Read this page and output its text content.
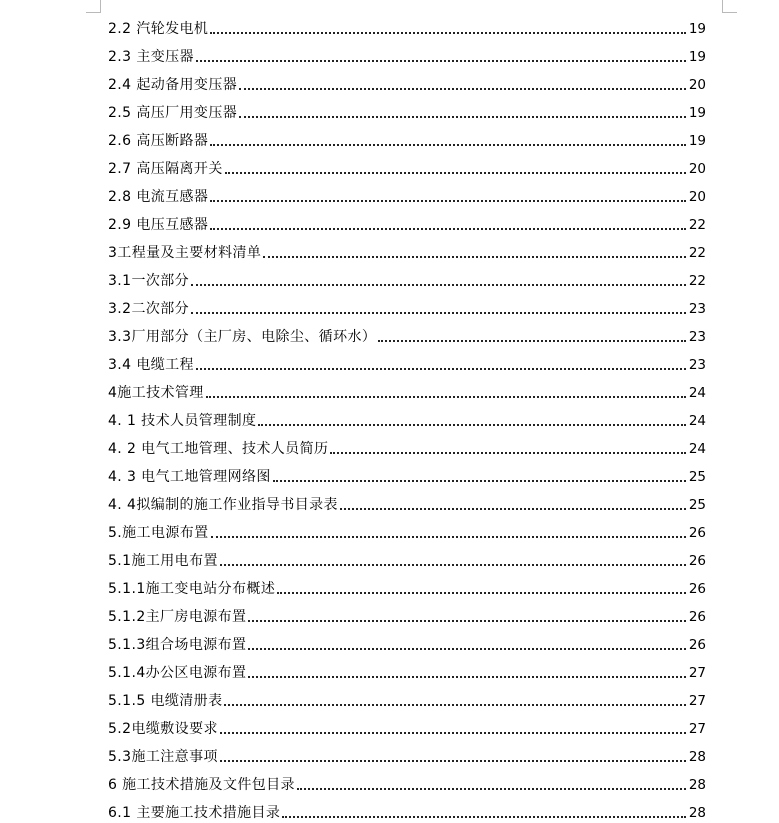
2.2 汽轮发电机	19
2.3 主变压器	19
2.4 起动备用变压器	20
2.5 高压厂用变压器	19
2.6 高压断路器	19
2.7 高压隔离开关	20
2.8 电流互感器	20
2.9 电压互感器	22
3工程量及主要材料清单	22
3.1一次部分	22
3.2二次部分	23
3.3厂用部分（主厂房、电除尘、循环水）	23
3.4 电缆工程	23
4施工技术管理	24
4. 1 技术人员管理制度	24
4. 2 电气工地管理、技术人员简历	24
4. 3 电气工地管理网络图	25
4. 4拟编制的施工作业指导书目录表	25
5.施工电源布置	26
5.1施工用电布置	26
5.1.1施工变电站分布概述	26
5.1.2主厂房电源布置	26
5.1.3组合场电源布置	26
5.1.4办公区电源布置	27
5.1.5 电缆清册表	27
5.2电缆敷设要求	27
5.3施工注意事项	28
6 施工技术措施及文件包目录	28
6.1 主要施工技术措施目录	28
